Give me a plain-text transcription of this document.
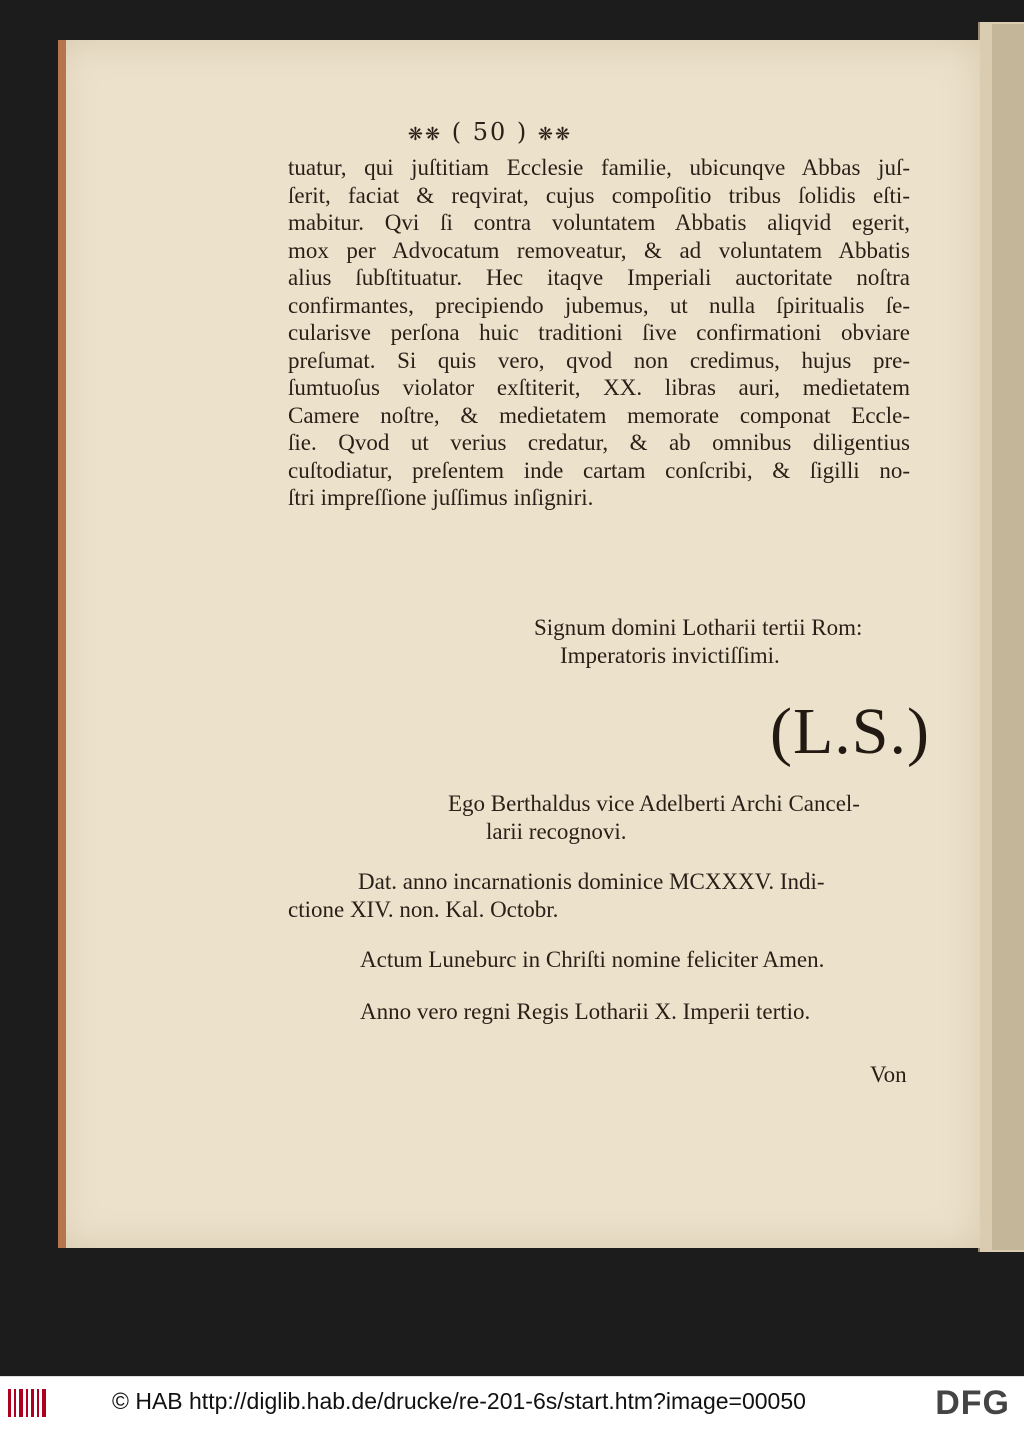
❋❋ ( 50 ) ❋❋
tuatur, qui juſtitiam Ecclesie familie, ubicunqve Abbas juſ-
ſerit, faciat & reqvirat, cujus compoſitio tribus ſolidis eſti-
mabitur. Qvi ſi contra voluntatem Abbatis aliqvid egerit,
mox per Advocatum removeatur, & ad voluntatem Abbatis
alius ſubſtituatur. Hec itaqve Imperiali auctoritate noſtra
confirmantes, precipiendo jubemus, ut nulla ſpiritualis ſe-
cularisve perſona huic traditioni ſive confirmationi obviare
preſumat. Si quis vero, qvod non credimus, hujus pre-
ſumtuoſus violator exſtiterit, XX. libras auri, medietatem
Camere noſtre, & medietatem memorate componat Eccle-
ſie. Qvod ut verius credatur, & ab omnibus diligentius
cuſtodiatur, preſentem inde cartam conſcribi, & ſigilli no-
ſtri impreſſione juſſimus inſigniri.
Signum domini Lotharii tertii Rom:
Imperatoris invictiſſimi.
(L.S.)
Ego Berthaldus vice Adelberti Archi Cancel-
larii recognovi.
Dat. anno incarnationis dominice MCXXXV. Indi-
ctione XIV. non. Kal. Octobr.
Actum Luneburc in Chriſti nomine feliciter Amen.
Anno vero regni Regis Lotharii X. Imperii tertio.
Von
© HAB http://diglib.hab.de/drucke/re-201-6s/start.htm?image=00050	DFG
